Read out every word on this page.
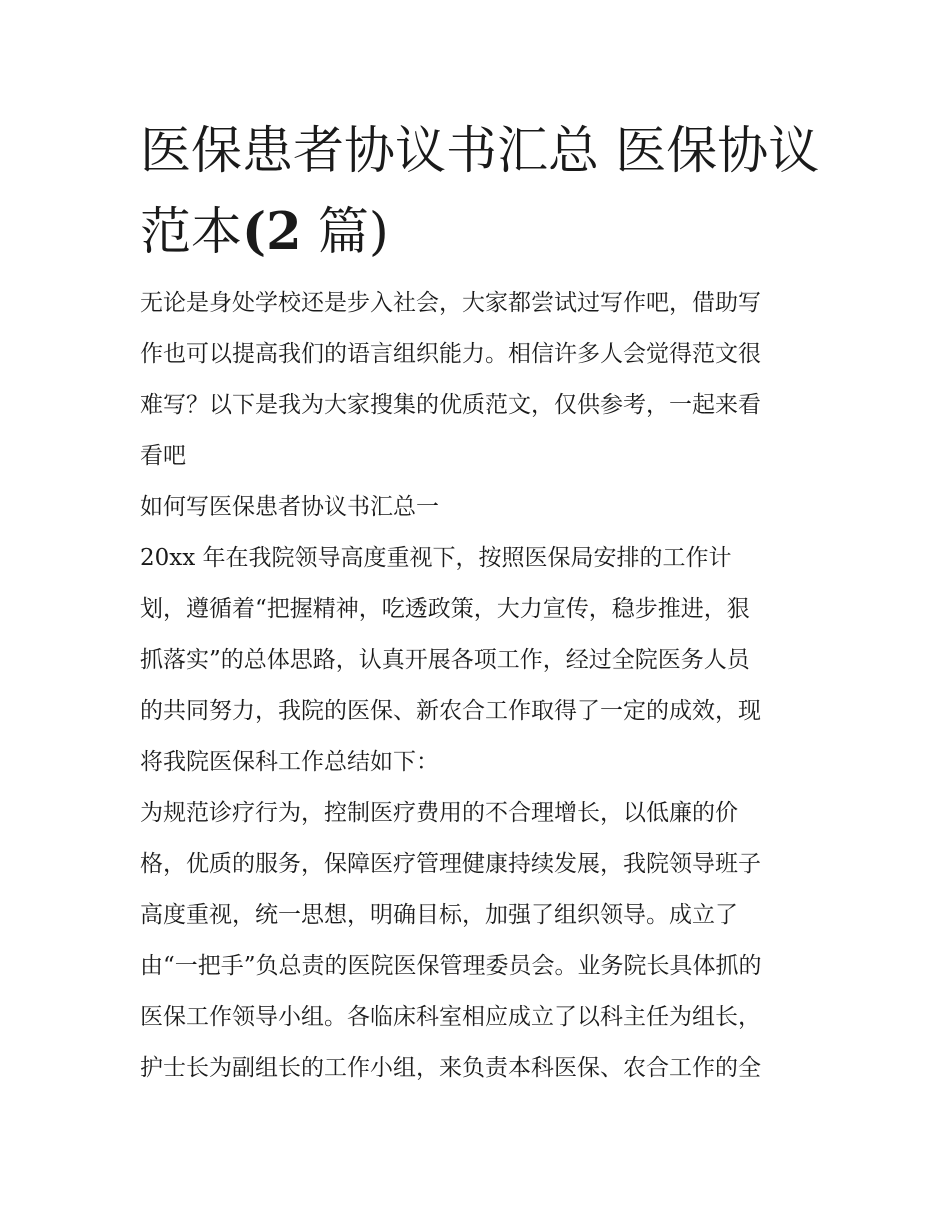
医保患者协议书汇总 医保协议
范本(2 篇)
无论是身处学校还是步入社会，大家都尝试过写作吧，借助写
作也可以提高我们的语言组织能力。相信许多人会觉得范文很
难写？以下是我为大家搜集的优质范文，仅供参考，一起来看
看吧
如何写医保患者协议书汇总一
20xx 年在我院领导高度重视下，按照医保局安排的工作计
划，遵循着“把握精神，吃透政策，大力宣传，稳步推进，狠
抓落实”的总体思路，认真开展各项工作，经过全院医务人员
的共同努力，我院的医保、新农合工作取得了一定的成效，现
将我院医保科工作总结如下：
为规范诊疗行为，控制医疗费用的不合理增长，以低廉的价
格，优质的服务，保障医疗管理健康持续发展，我院领导班子
高度重视，统一思想，明确目标，加强了组织领导。成立了
由“一把手”负总责的医院医保管理委员会。业务院长具体抓的
医保工作领导小组。各临床科室相应成立了以科主任为组长，
护士长为副组长的工作小组，来负责本科医保、农合工作的全
